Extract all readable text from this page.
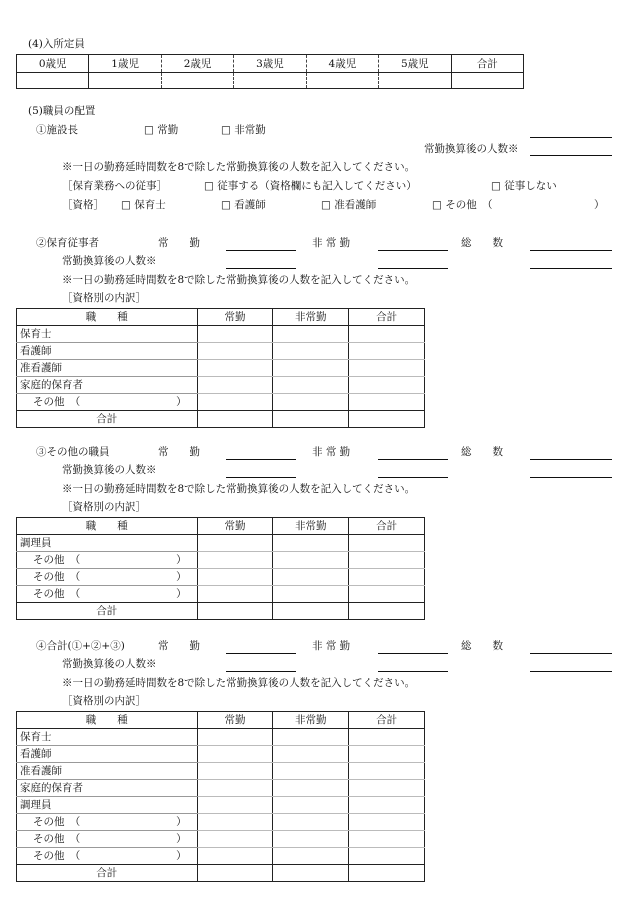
(4)入所定員
0歳児	1歳児	2歳児	3歳児	4歳児	5歳児	合計

(5)職員の配置
①施設長	□ 常勤	□ 非常勤
常勤換算後の人数※
※一日の勤務延時間数を8で除した常勤換算後の人数を記入してください。
［保育業務への従事］	□ 従事する（資格欄にも記入してください）	□ 従事しない
［資格］ □ 保育士	□ 看護師	□ 准看護師	□ その他　（	）
②保育従事者	常　　勤	非 常 勤	総　　数
常勤換算後の人数※
※一日の勤務延時間数を8で除した常勤換算後の人数を記入してください。
［資格別の内訳］
職　　種	常勤	非常勤	合計
保育士			
看護師			
准看護師			
家庭的保育者			

その他　（ ）			

合計			
③その他の職員	常　　勤	非 常 勤	総　　数
常勤換算後の人数※
※一日の勤務延時間数を8で除した常勤換算後の人数を記入してください。
［資格別の内訳］
職　　種	常勤	非常勤	合計
調理員			

その他　（ ）			

その他　（ ）			

その他　（ ）			

合計			
④合計(①+②+③)	常　　勤	非 常 勤	総　　数
常勤換算後の人数※
※一日の勤務延時間数を8で除した常勤換算後の人数を記入してください。
［資格別の内訳］
職　　種	常勤	非常勤	合計
保育士			
看護師			
准看護師			
家庭的保育者			
調理員			

その他　（ ）			

その他　（ ）			

その他　（ ）			

合計			
